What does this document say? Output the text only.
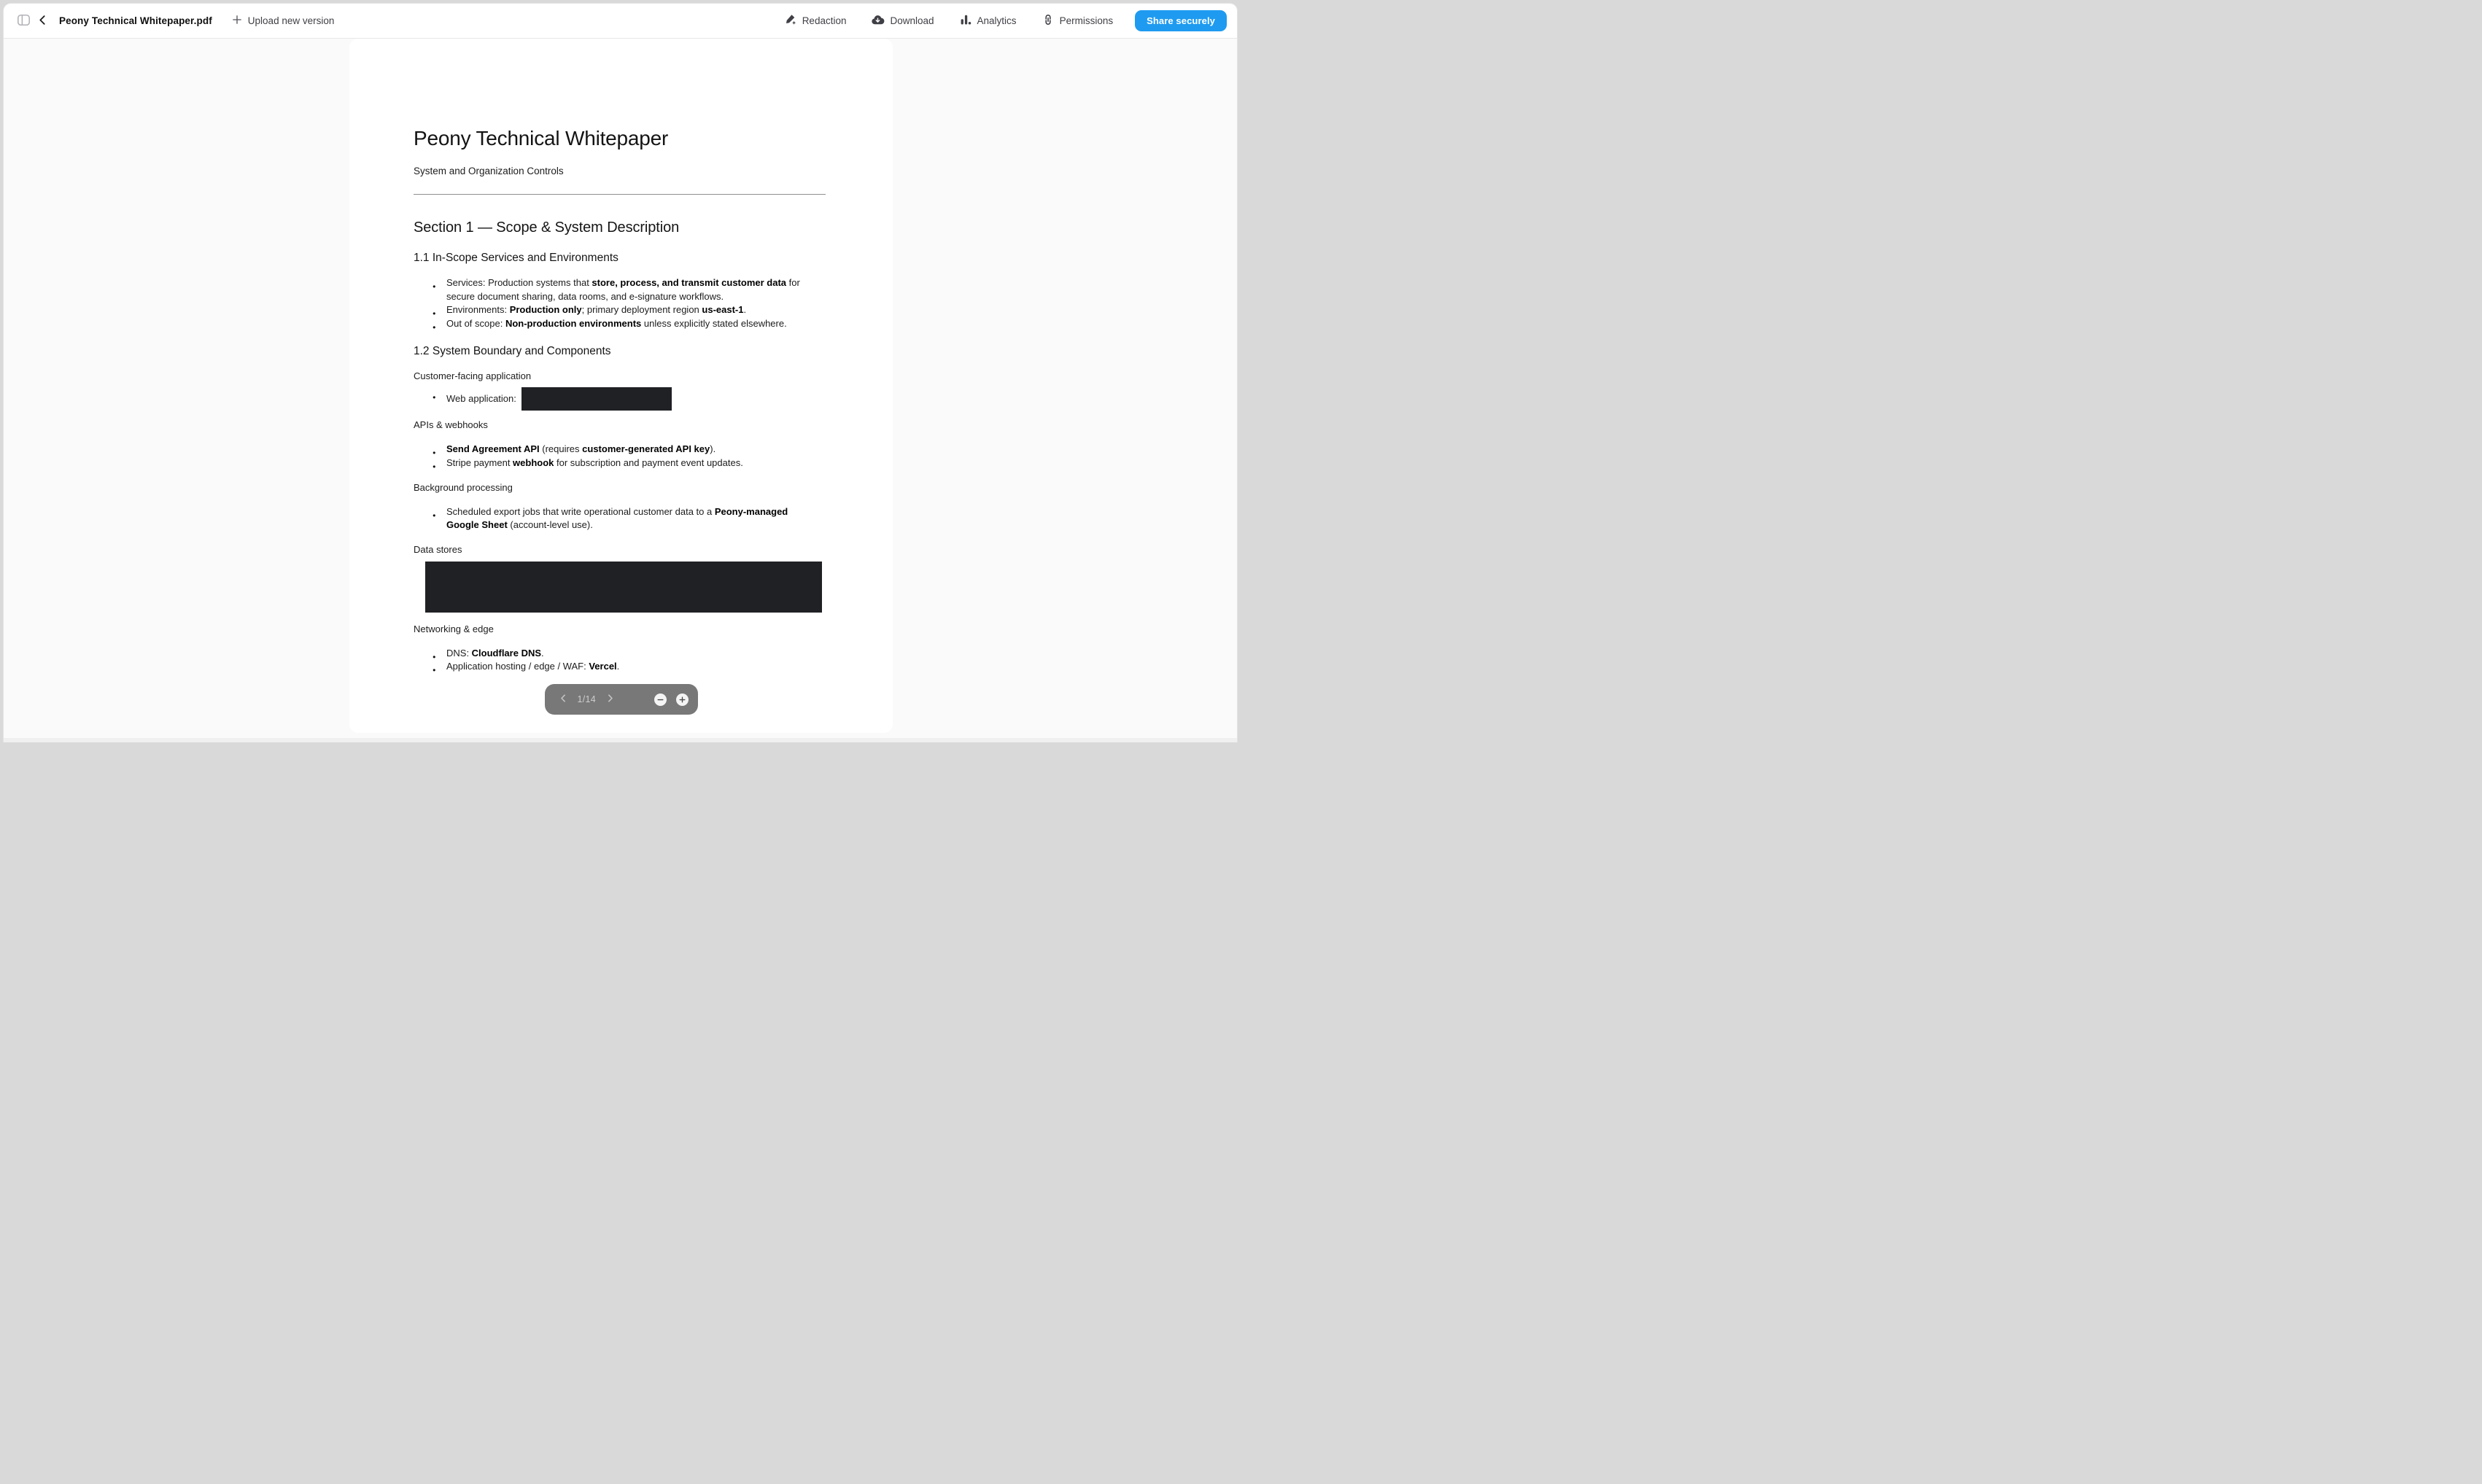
Peony Technical Whitepaper.pdf	Upload new version	Redaction	Download	Analytics	Permissions	Share securely
Peony Technical Whitepaper

System and Organization Controls

Section 1 — Scope & System Description
1.1 In-Scope Services and Environments
● Services: Production systems that store, process, and transmit customer data for secure document sharing, data rooms, and e-signature workflows.
● Environments: Production only; primary deployment region us-east-1.
● Out of scope: Non-production environments unless explicitly stated elsewhere.
1.2 System Boundary and Components

Customer-facing application

● Web application:

APIs & webhooks

● Send Agreement API (requires customer-generated API key).
● Stripe payment webhook for subscription and payment event updates.

Background processing

● Scheduled export jobs that write operational customer data to a Peony-managed Google Sheet (account-level use).

Data stores

Networking & edge

● DNS: Cloudflare DNS.
● Application hosting / edge / WAF: Vercel.
1/14
